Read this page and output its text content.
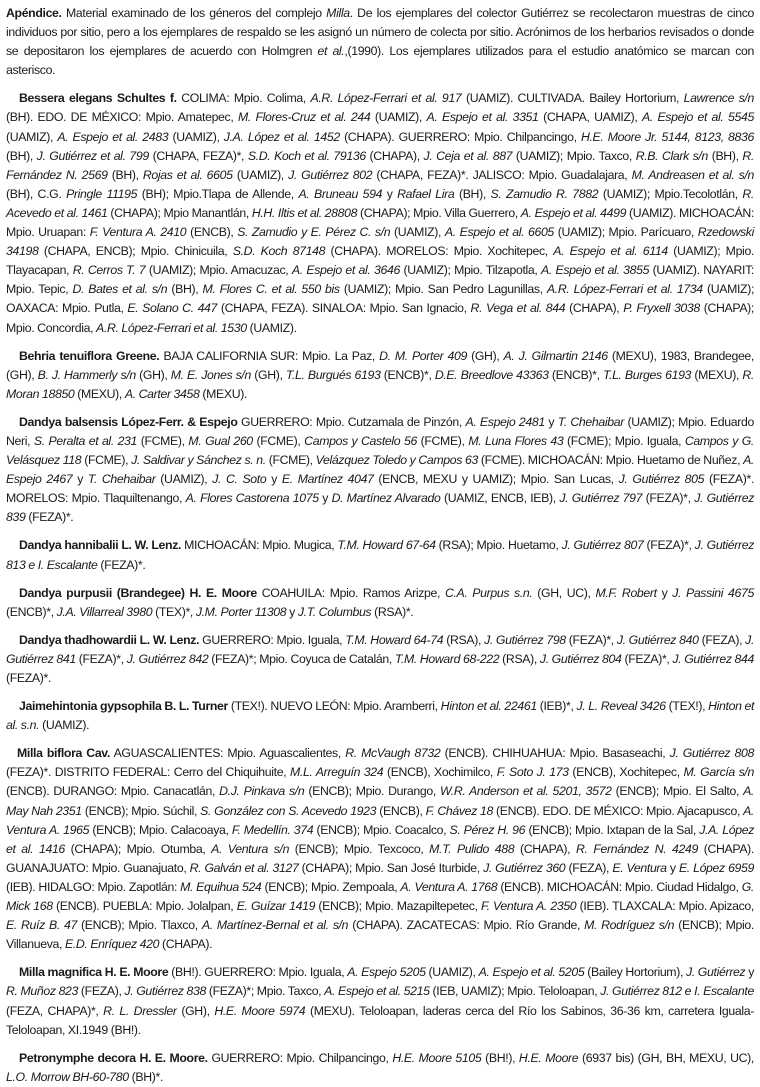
Apéndice. Material examinado de los géneros del complejo Milla. De los ejemplares del colector Gutiérrez se recolectaron muestras de cinco individuos por sitio, pero a los ejemplares de respaldo se les asignó un número de colecta por sitio. Acrónimos de los herbarios revisados o donde se depositaron los ejemplares de acuerdo con Holmgren et al.,(1990). Los ejemplares utilizados para el estudio anatómico se marcan con asterisco.

Bessera elegans Schultes f. COLIMA: Mpio. Colima, A.R. López-Ferrari et al. 917 (UAMIZ). CULTIVADA. Bailey Hortorium, Lawrence s/n (BH). EDO. DE MÉXICO: Mpio. Amatepec, M. Flores-Cruz et al. 244 (UAMIZ), A. Espejo et al. 3351 (CHAPA, UAMIZ), A. Espejo et al. 5545 (UAMIZ), A. Espejo et al. 2483 (UAMIZ), J.A. López et al. 1452 (CHAPA). GUERRERO: Mpio. Chilpancingo, H.E. Moore Jr. 5144, 8123, 8836 (BH), J. Gutiérrez et al. 799 (CHAPA, FEZA)*, S.D. Koch et al. 79136 (CHAPA), J. Ceja et al. 887 (UAMIZ); Mpio. Taxco, R.B. Clark s/n (BH), R. Fernández N. 2569 (BH), Rojas et al. 6605 (UAMIZ), J. Gutiérrez 802 (CHAPA, FEZA)*. JALISCO: Mpio. Guadalajara, M. Andreasen et al. s/n (BH), C.G. Pringle 11195 (BH); Mpio.Tlapa de Allende, A. Bruneau 594 y Rafael Lira (BH), S. Zamudio R. 7882 (UAMIZ); Mpio.Tecolotlán, R. Acevedo et al. 1461 (CHAPA); Mpio Manantlán, H.H. Iltis et al. 28808 (CHAPA); Mpio. Villa Guerrero, A. Espejo et al. 4499 (UAMIZ). MICHOACÁN: Mpio. Uruapan: F. Ventura A. 2410 (ENCB), S. Zamudio y E. Pérez C. s/n (UAMIZ), A. Espejo et al. 6605 (UAMIZ); Mpio. Parícuaro, Rzedowski 34198 (CHAPA, ENCB); Mpio. Chinicuila, S.D. Koch 87148 (CHAPA). MORELOS: Mpio. Xochitepec, A. Espejo et al. 6114 (UAMIZ); Mpio. Tlayacapan, R. Cerros T. 7 (UAMIZ); Mpio. Amacuzac, A. Espejo et al. 3646 (UAMIZ); Mpio. Tilzapotla, A. Espejo et al. 3855 (UAMIZ). NAYARIT: Mpio. Tepic, D. Bates et al. s/n (BH), M. Flores C. et al. 550 bis (UAMIZ); Mpio. San Pedro Lagunillas, A.R. López-Ferrari et al. 1734 (UAMIZ); OAXACA: Mpio. Putla, E. Solano C. 447 (CHAPA, FEZA). SINALOA: Mpio. San Ignacio, R. Vega et al. 844 (CHAPA), P. Fryxell 3038 (CHAPA); Mpio. Concordia, A.R. López-Ferrari et al. 1530 (UAMIZ).

Behria tenuiflora Greene. BAJA CALIFORNIA SUR: Mpio. La Paz, D. M. Porter 409 (GH), A. J. Gilmartin 2146 (MEXU), 1983, Brandegee, (GH), B. J. Hammerly s/n (GH), M. E. Jones s/n (GH), T.L. Burgués 6193 (ENCB)*, D.E. Breedlove 43363 (ENCB)*, T.L. Burges 6193 (MEXU), R. Moran 18850 (MEXU), A. Carter 3458 (MEXU).

Dandya balsensis López-Ferr. & Espejo GUERRERO: Mpio. Cutzamala de Pinzón, A. Espejo 2481 y T. Chehaibar (UAMIZ); Mpio. Eduardo Neri, S. Peralta et al. 231 (FCME), M. Gual 260 (FCME), Campos y Castelo 56 (FCME), M. Luna Flores 43 (FCME); Mpio. Iguala, Campos y G. Velásquez 118 (FCME), J. Saldivar y Sánchez s. n. (FCME), Velázquez Toledo y Campos 63 (FCME). MICHOACÁN: Mpio. Huetamo de Nuñez, A. Espejo 2467 y T. Chehaibar (UAMIZ), J. C. Soto y E. Martínez 4047 (ENCB, MEXU y UAMIZ); Mpio. San Lucas, J. Gutiérrez 805 (FEZA)*. MORELOS: Mpio. Tlaquiltenango, A. Flores Castorena 1075 y D. Martínez Alvarado (UAMIZ, ENCB, IEB), J. Gutiérrez 797 (FEZA)*, J. Gutiérrez 839 (FEZA)*.

Dandya hannibalii L. W. Lenz. MICHOACÁN: Mpio. Mugica, T.M. Howard 67-64 (RSA); Mpio. Huetamo, J. Gutiérrez 807 (FEZA)*, J. Gutiérrez 813 e I. Escalante (FEZA)*.

Dandya purpusii (Brandegee) H. E. Moore COAHUILA: Mpio. Ramos Arizpe, C.A. Purpus s.n. (GH, UC), M.F. Robert y J. Passini 4675 (ENCB)*, J.A. Villarreal 3980 (TEX)*, J.M. Porter 11308 y J.T. Columbus (RSA)*.

Dandya thadhowardii L. W. Lenz. GUERRERO: Mpio. Iguala, T.M. Howard 64-74 (RSA), J. Gutiérrez 798 (FEZA)*, J. Gutiérrez 840 (FEZA), J. Gutiérrez 841 (FEZA)*, J. Gutiérrez 842 (FEZA)*; Mpio. Coyuca de Catalán, T.M. Howard 68-222 (RSA), J. Gutiérrez 804 (FEZA)*, J. Gutiérrez 844 (FEZA)*.

Jaimehintonia gypsophila B. L. Turner (TEX!). NUEVO LEÓN: Mpio. Aramberri, Hinton et al. 22461 (IEB)*, J. L. Reveal 3426 (TEX!), Hinton et al. s.n. (UAMIZ).

Milla biflora Cav. AGUASCALIENTES: Mpio. Aguascalientes, R. McVaugh 8732 (ENCB). CHIHUAHUA: Mpio. Basaseachi, J. Gutiérrez 808 (FEZA)*. DISTRITO FEDERAL: Cerro del Chiquihuite, M.L. Arreguín 324 (ENCB), Xochimilco, F. Soto J. 173 (ENCB), Xochitepec, M. García s/n (ENCB). DURANGO: Mpio. Canacatlán, D.J. Pinkava s/n (ENCB); Mpio. Durango, W.R. Anderson et al. 5201, 3572 (ENCB); Mpio. El Salto, A. May Nah 2351 (ENCB); Mpio. Súchil, S. González con S. Acevedo 1923 (ENCB), F. Chávez 18 (ENCB). EDO. DE MÉXICO: Mpio. Ajacapusco, A. Ventura A. 1965 (ENCB); Mpio. Calacoaya, F. Medellín. 374 (ENCB); Mpio. Coacalco, S. Pérez H. 96 (ENCB); Mpio. Ixtapan de la Sal, J.A. López et al. 1416 (CHAPA); Mpio. Otumba, A. Ventura s/n (ENCB); Mpio. Texcoco, M.T. Pulido 488 (CHAPA), R. Fernández N. 4249 (CHAPA). GUANAJUATO: Mpio. Guanajuato, R. Galván et al. 3127 (CHAPA); Mpio. San José Iturbide, J. Gutiérrez 360 (FEZA), E. Ventura y E. López 6959 (IEB). HIDALGO: Mpio. Zapotlán: M. Equihua 524 (ENCB); Mpio. Zempoala, A. Ventura A. 1768 (ENCB). MICHOACÁN: Mpio. Ciudad Hidalgo, G. Mick 168 (ENCB). PUEBLA: Mpio. Jolalpan, E. Guízar 1419 (ENCB); Mpio. Mazapiltepetec, F. Ventura A. 2350 (IEB). TLAXCALA: Mpio. Apizaco, E. Ruíz B. 47 (ENCB); Mpio. Tlaxco, A. Martínez-Bernal et al. s/n (CHAPA). ZACATECAS: Mpio. Río Grande, M. Rodríguez s/n (ENCB); Mpio. Villanueva, E.D. Enríquez 420 (CHAPA).

Milla magnifica H. E. Moore (BH!). GUERRERO: Mpio. Iguala, A. Espejo 5205 (UAMIZ), A. Espejo et al. 5205 (Bailey Hortorium), J. Gutiérrez y R. Muñoz 823 (FEZA), J. Gutiérrez 838 (FEZA)*; Mpio. Taxco, A. Espejo et al. 5215 (IEB, UAMIZ); Mpio. Teloloapan, J. Gutiérrez 812 e I. Escalante (FEZA, CHAPA)*, R. L. Dressler (GH), H.E. Moore 5974 (MEXU). Teloloapan, laderas cerca del Río los Sabinos, 36-36 km, carretera Iguala-Teloloapan, XI.1949 (BH!).

Petronymphe decora H. E. Moore. GUERRERO: Mpio. Chilpancingo, H.E. Moore 5105 (BH!), H.E. Moore (6937 bis) (GH, BH, MEXU, UC), L.O. Morrow BH-60-780 (BH)*.
